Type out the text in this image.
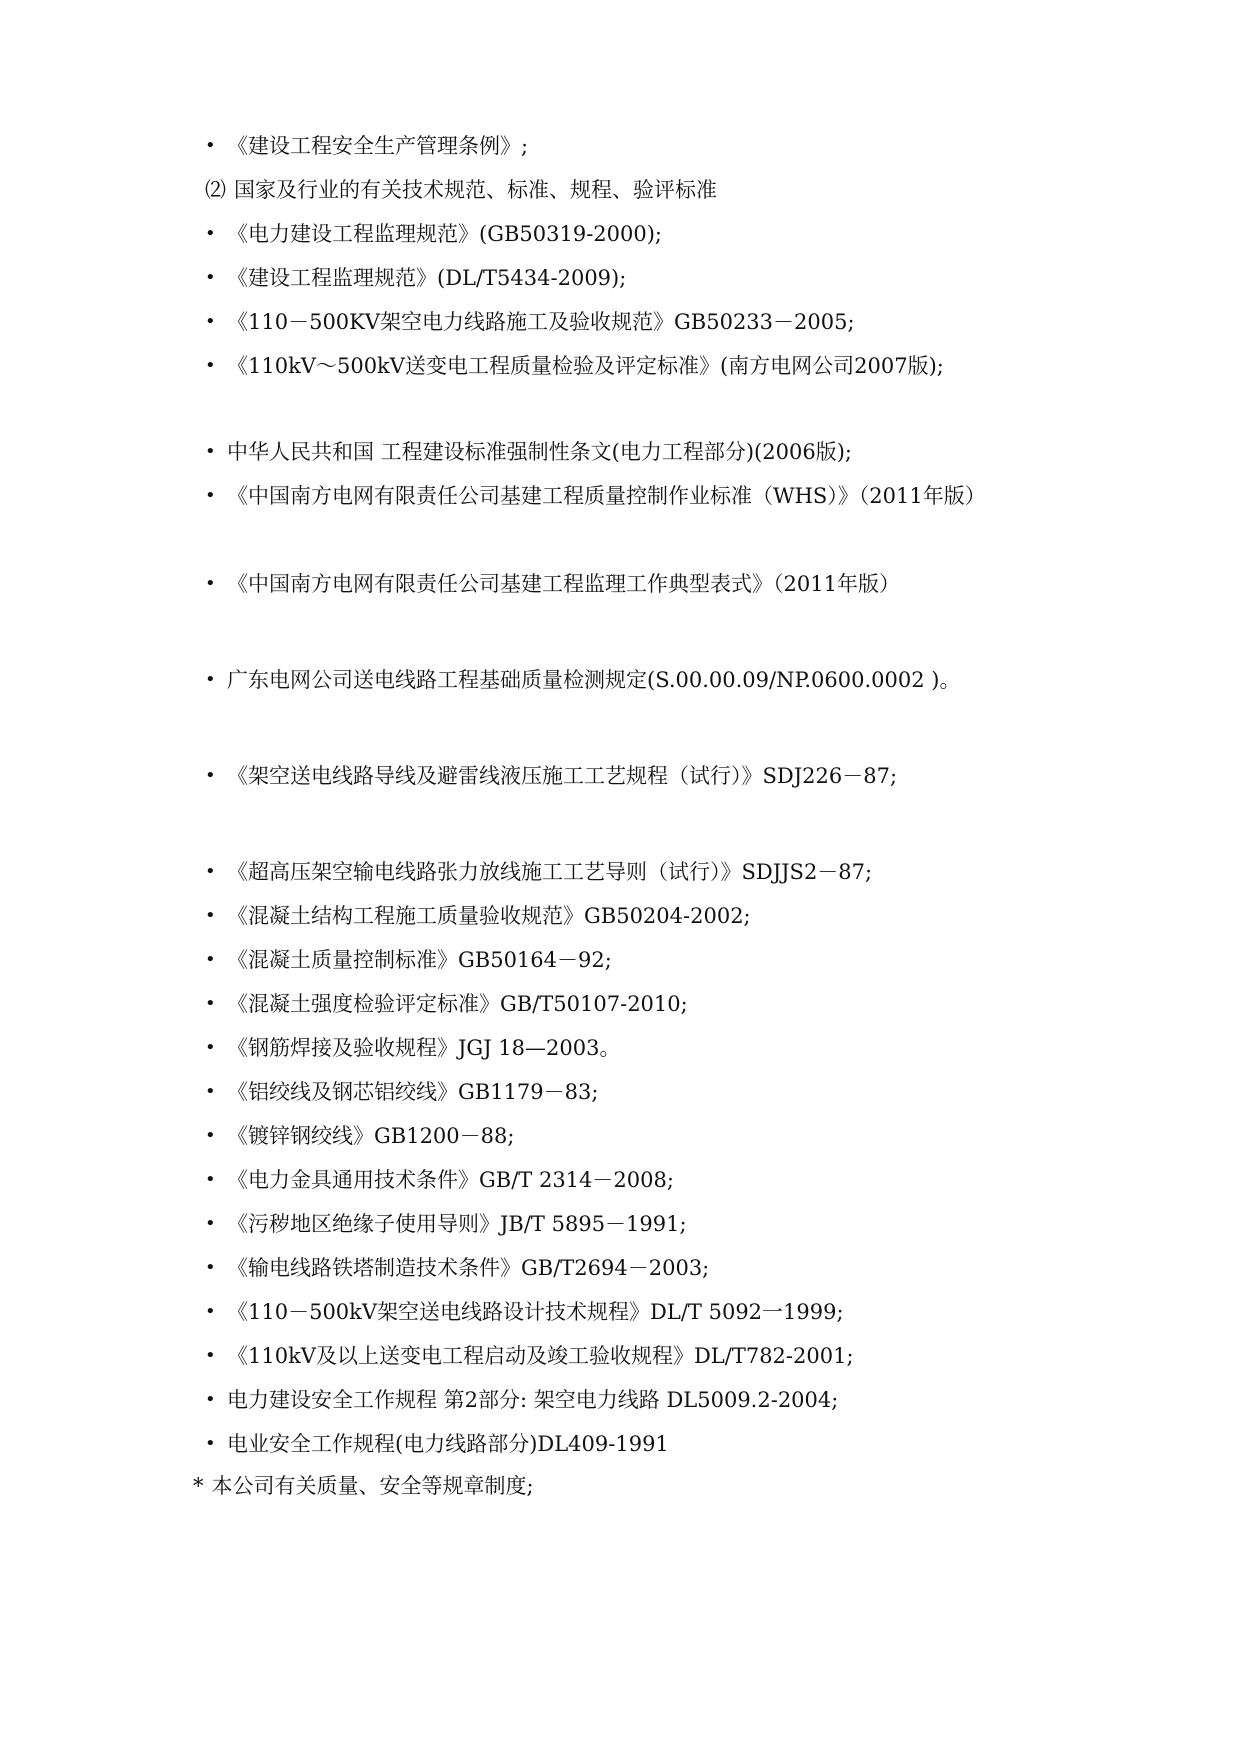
• 《建设工程安全生产管理条例》;
⑵ 国家及行业的有关技术规范、标准、规程、验评标准
• 《电力建设工程监理规范》(GB50319-2000);
• 《建设工程监理规范》(DL/T5434-2009);
• 《110－500KV架空电力线路施工及验收规范》GB50233－2005;
• 《110kV～500kV送变电工程质量检验及评定标准》(南方电网公司2007版);
• 中华人民共和国 工程建设标准强制性条文(电力工程部分)(2006版);
• 《中国南方电网有限责任公司基建工程质量控制作业标准（WHS）》（2011年版）
• 《中国南方电网有限责任公司基建工程监理工作典型表式》（2011年版）
• 广东电网公司送电线路工程基础质量检测规定(S.00.00.09/NP.0600.0002 )。
• 《架空送电线路导线及避雷线液压施工工艺规程（试行）》SDJ226－87;
• 《超高压架空输电线路张力放线施工工艺导则（试行）》SDJJS2－87;
• 《混凝土结构工程施工质量验收规范》GB50204-2002;
• 《混凝土质量控制标准》GB50164－92;
• 《混凝土强度检验评定标准》GB/T50107-2010;
• 《钢筋焊接及验收规程》JGJ 18—2003。
• 《铝绞线及钢芯铝绞线》GB1179－83;
• 《镀锌钢绞线》GB1200－88;
• 《电力金具通用技术条件》GB/T 2314－2008;
• 《污秽地区绝缘子使用导则》JB/T 5895－1991;
• 《输电线路铁塔制造技术条件》GB/T2694－2003;
• 《110－500kV架空送电线路设计技术规程》DL/T 5092一1999;
• 《110kV及以上送变电工程启动及竣工验收规程》DL/T782-2001;
• 电力建设安全工作规程 第2部分: 架空电力线路 DL5009.2-2004;
• 电业安全工作规程(电力线路部分)DL409-1991
* 本公司有关质量、安全等规章制度;
